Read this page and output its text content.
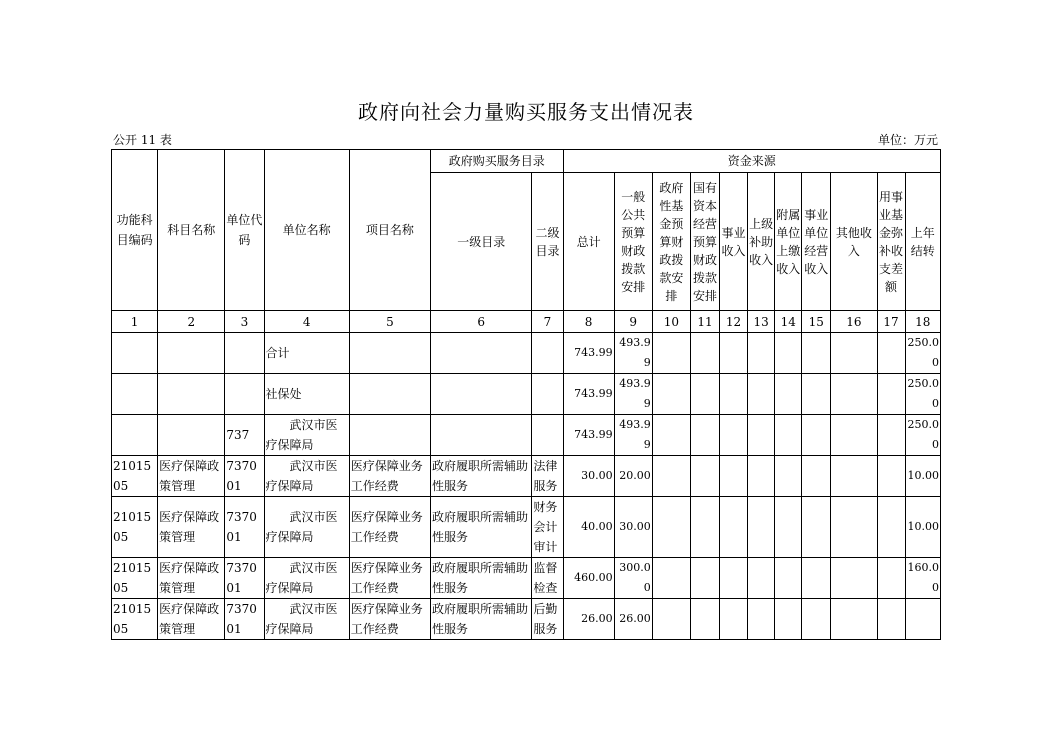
政府向社会力量购买服务支出情况表
公开 11 表	单位：万元
功能科目编码	科目名称	单位代码	单位名称	项目名称	政府购买服务目录		资金来源										
					一级目录	二级目录	总计	一般公共预算财政拨款安排	政府性基金预算财政拨款安排	国有资本经营预算财政拨款安排	事业收入	上级补助收入	附属单位上缴收入	事业单位经营收入	其他收入	用事业基金弥补收支差额	上年结转
1	2	3	4	5	6	7	8	9	10	11	12	13	14	15	16	17	18
			合计				743.99	493.99									250.00
			社保处				743.99	493.99									250.00
		737	武汉市医疗保障局				743.99	493.99									250.00
2101505	医疗保障政策管理	737001	武汉市医疗保障局	医疗保障业务工作经费	政府履职所需辅助性服务	法律服务	30.00	20.00									10.00
2101505	医疗保障政策管理	737001	武汉市医疗保障局	医疗保障业务工作经费	政府履职所需辅助性服务	财务会计审计	40.00	30.00									10.00
2101505	医疗保障政策管理	737001	武汉市医疗保障局	医疗保障业务工作经费	政府履职所需辅助性服务	监督检查	460.00	300.00									160.00
2101505	医疗保障政策管理	737001	武汉市医疗保障局	医疗保障业务工作经费	政府履职所需辅助性服务	后勤服务	26.00	26.00									
